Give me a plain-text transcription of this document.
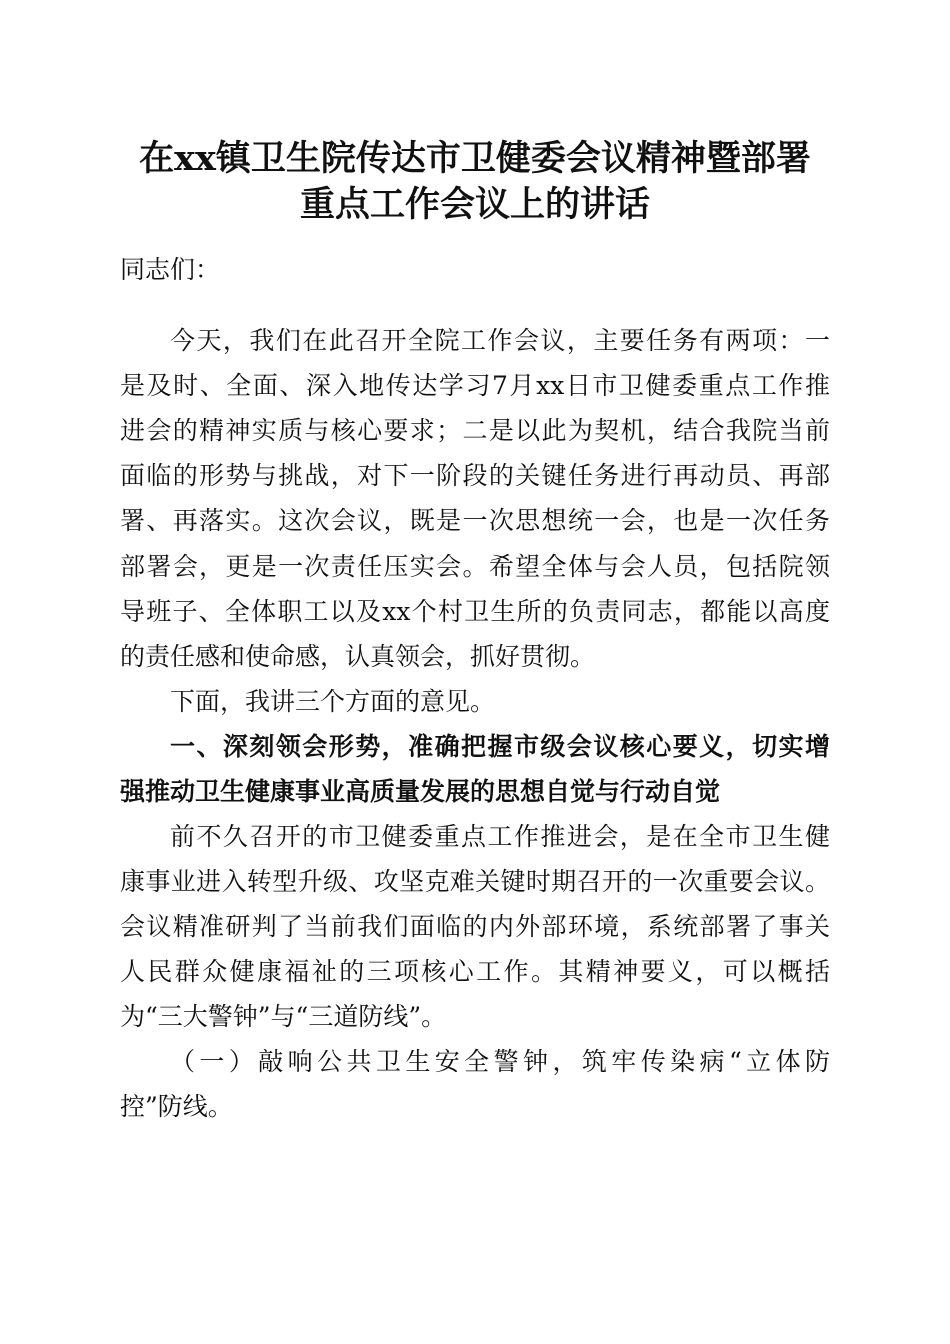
在xx镇卫生院传达市卫健委会议精神暨部署
重点工作会议上的讲话
同志们：
今天，我们在此召开全院工作会议，主要任务有两项：一
是及时、全面、深入地传达学习7月xx日市卫健委重点工作推
进会的精神实质与核心要求；二是以此为契机，结合我院当前
面临的形势与挑战，对下一阶段的关键任务进行再动员、再部
署、再落实。这次会议，既是一次思想统一会，也是一次任务
部署会，更是一次责任压实会。希望全体与会人员，包括院领
导班子、全体职工以及xx个村卫生所的负责同志，都能以高度
的责任感和使命感，认真领会，抓好贯彻。
下面，我讲三个方面的意见。
一、深刻领会形势，准确把握市级会议核心要义，切实增
强推动卫生健康事业高质量发展的思想自觉与行动自觉
前不久召开的市卫健委重点工作推进会，是在全市卫生健
康事业进入转型升级、攻坚克难关键时期召开的一次重要会议。
会议精准研判了当前我们面临的内外部环境，系统部署了事关
人民群众健康福祉的三项核心工作。其精神要义，可以概括
为“三大警钟”与“三道防线”。
（一）敲响公共卫生安全警钟，筑牢传染病“立体防
控”防线。
